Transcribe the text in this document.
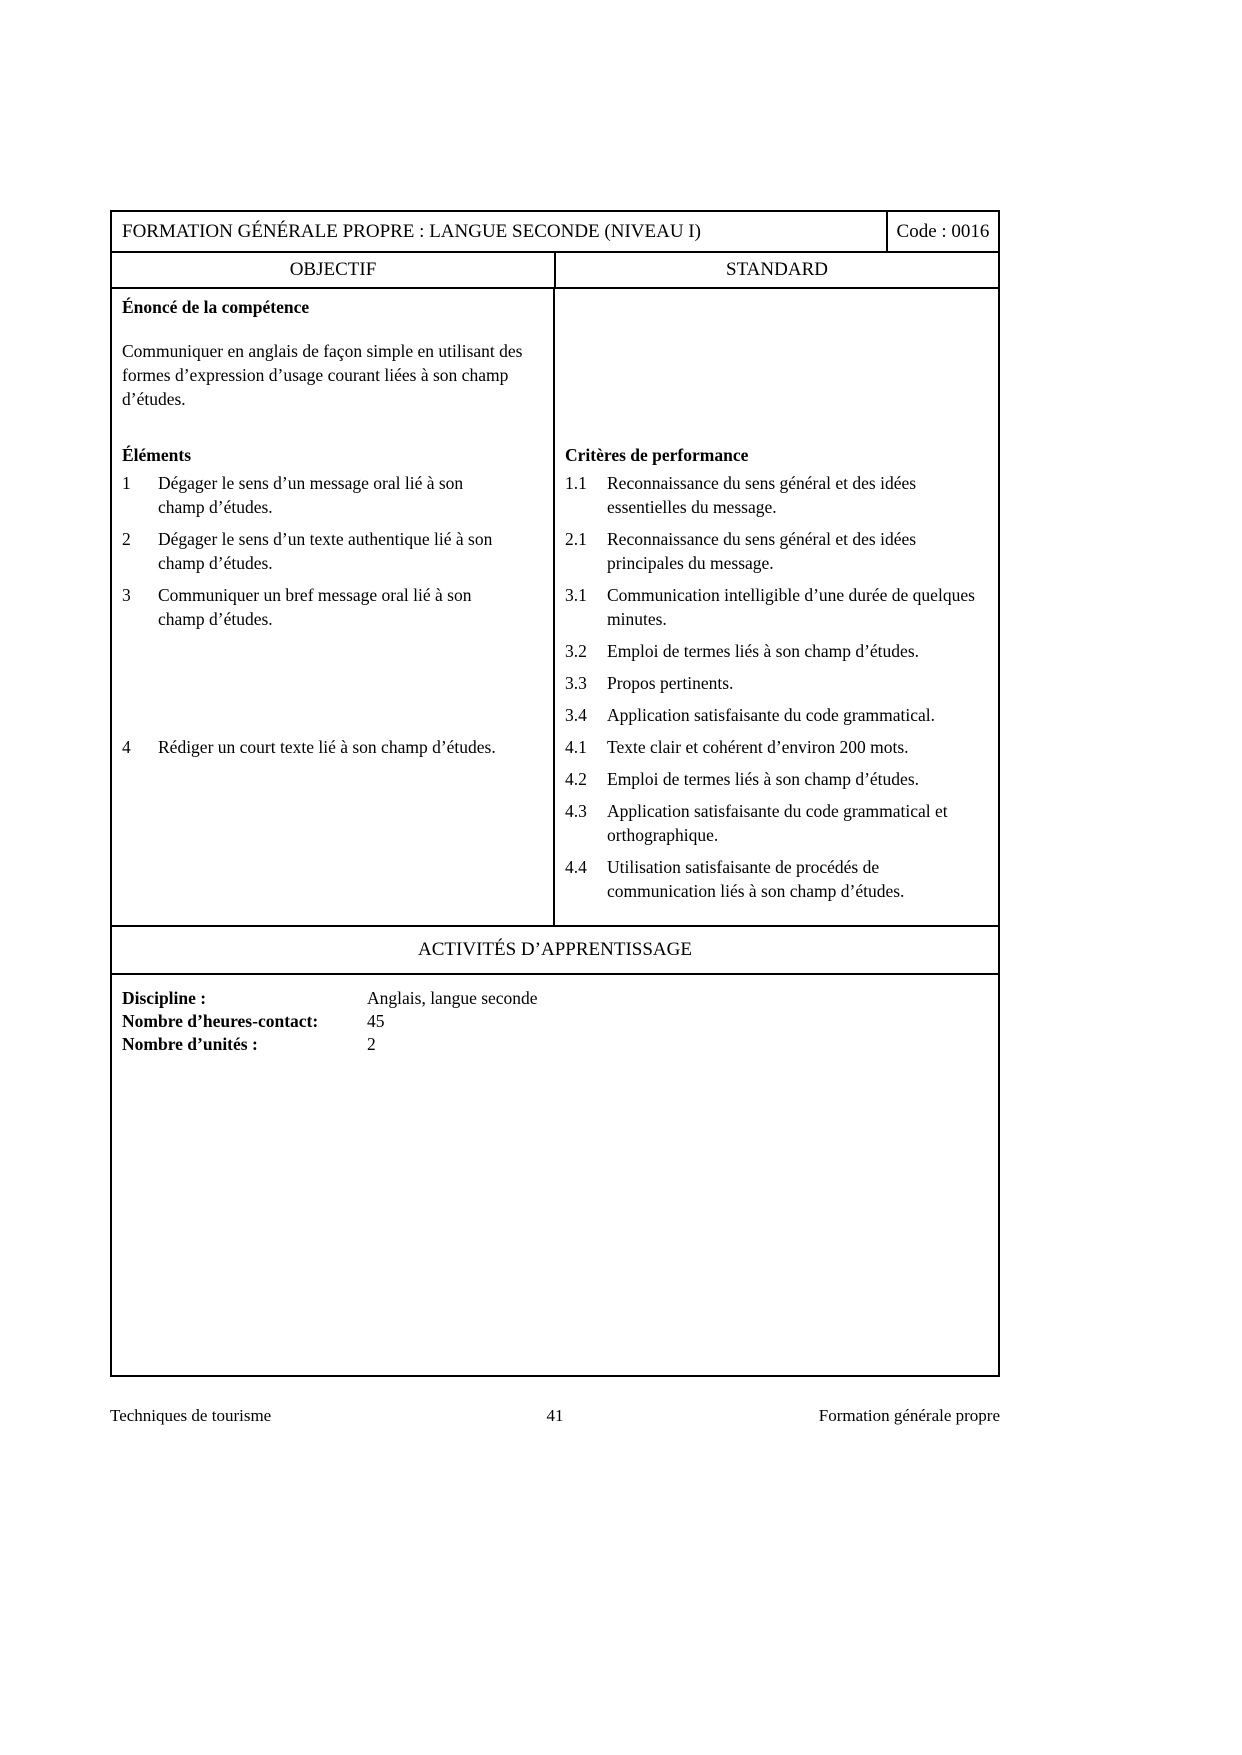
FORMATION GÉNÉRALE PROPRE : LANGUE SECONDE (NIVEAU I)	Code : 0016
OBJECTIF	STANDARD

Énoncé de la compétence

Communiquer en anglais de façon simple en utilisant des formes d’expression d’usage courant liées à son champ d’études.

Éléments	Critères de performance
1	Dégager le sens d’un message oral lié à son champ d’études.
1.1	Reconnaissance du sens général et des idées essentielles du message.
2	Dégager le sens d’un texte authentique lié à son champ d’études.
2.1	Reconnaissance du sens général et des idées principales du message.
3	Communiquer un bref message oral lié à son champ d’études.
3.1	Communication intelligible d’une durée de quelques minutes.
3.2	Emploi de termes liés à son champ d’études.
3.3	Propos pertinents.
3.4	Application satisfaisante du code grammatical.
4	Rédiger un court texte lié à son champ d’études.	4.1	Texte clair et cohérent d’environ 200 mots.
4.2	Emploi de termes liés à son champ d’études.
4.3	Application satisfaisante du code grammatical et orthographique.
4.4	Utilisation satisfaisante de procédés de communication liés à son champ d’études.
ACTIVITÉS D’APPRENTISSAGE
Discipline :	Anglais, langue seconde
Nombre d’heures-contact:	45
Nombre d’unités :	2
Techniques de tourisme	41	Formation générale propre
